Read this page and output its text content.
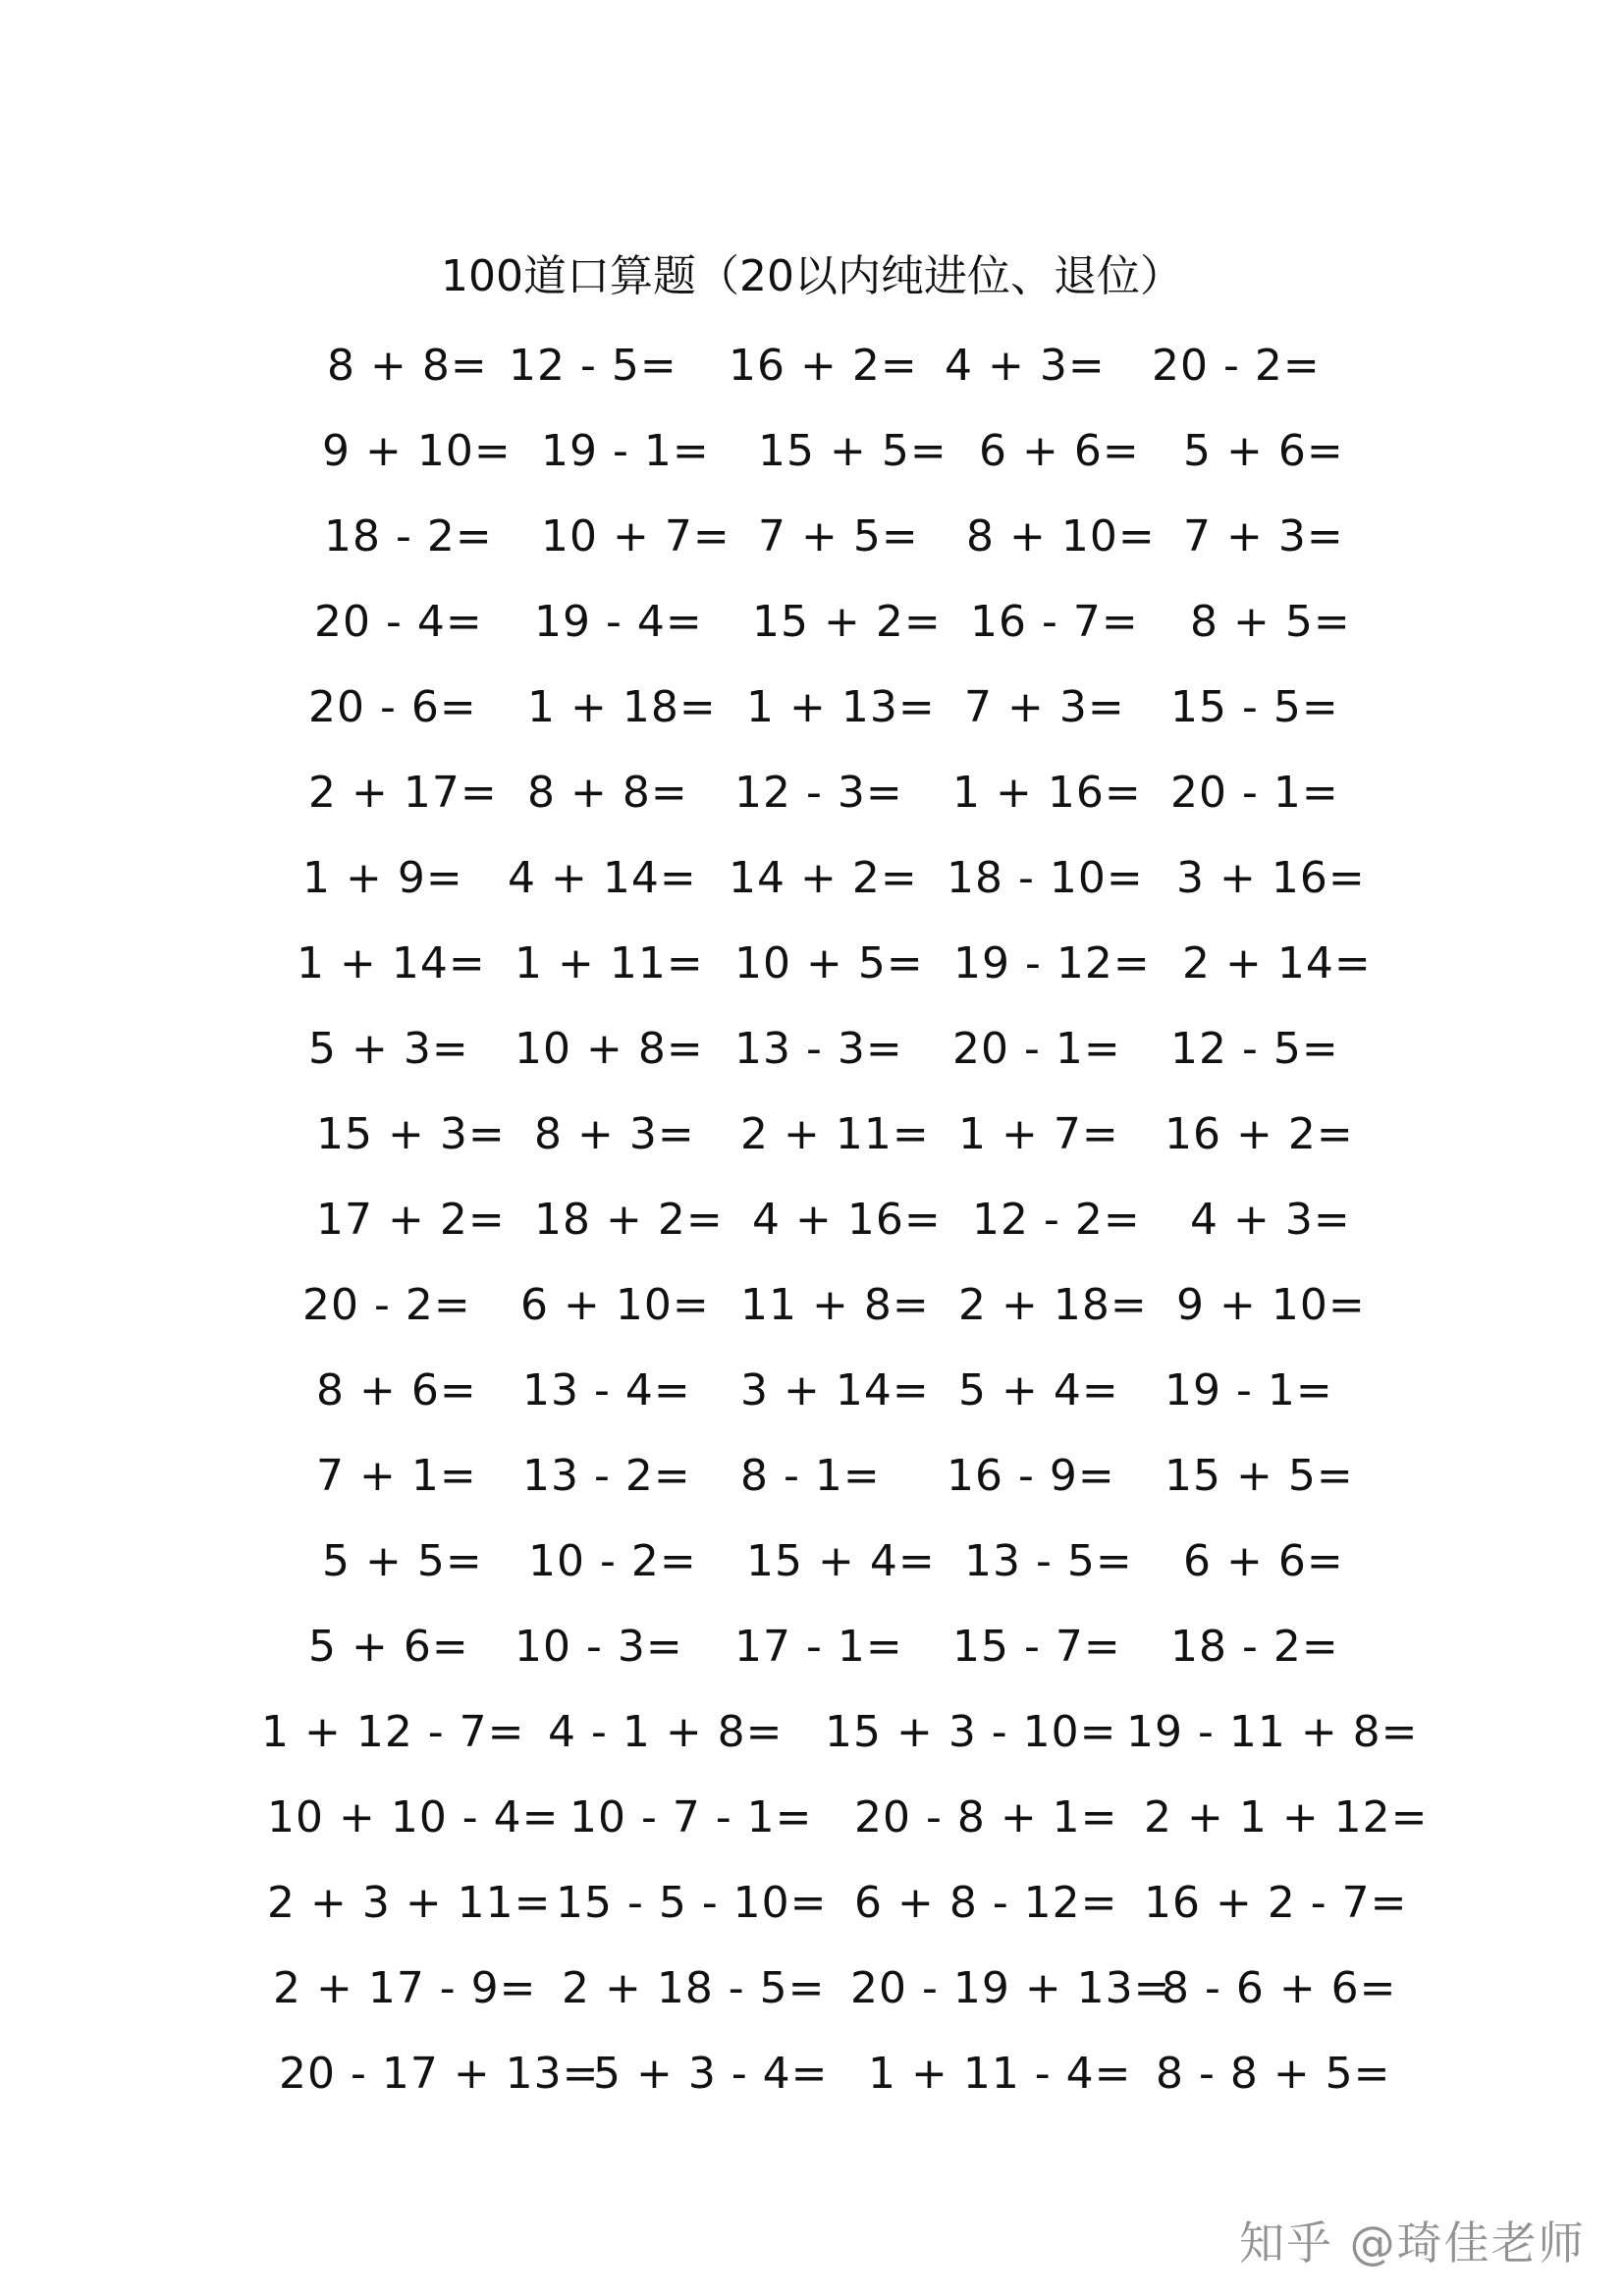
100道口算题（20以内纯进位、退位）
8 + 8= 12 - 5= 16 + 2= 4 + 3= 20 - 2=
9 + 10= 19 - 1= 15 + 5= 6 + 6= 5 + 6=
18 - 2= 10 + 7= 7 + 5= 8 + 10= 7 + 3=
20 - 4= 19 - 4= 15 + 2= 16 - 7= 8 + 5=
20 - 6= 1 + 18= 1 + 13= 7 + 3= 15 - 5=
2 + 17= 8 + 8= 12 - 3= 1 + 16= 20 - 1=
1 + 9= 4 + 14= 14 + 2= 18 - 10= 3 + 16=
1 + 14= 1 + 11= 10 + 5= 19 - 12= 2 + 14=
5 + 3= 10 + 8= 13 - 3= 20 - 1= 12 - 5=
15 + 3= 8 + 3= 2 + 11= 1 + 7= 16 + 2=
17 + 2= 18 + 2= 4 + 16= 12 - 2= 4 + 3=
20 - 2= 6 + 10= 11 + 8= 2 + 18= 9 + 10=
8 + 6= 13 - 4= 3 + 14= 5 + 4= 19 - 1=
7 + 1= 13 - 2= 8 - 1= 16 - 9= 15 + 5=
5 + 5= 10 - 2= 15 + 4= 13 - 5= 6 + 6=
5 + 6= 10 - 3= 17 - 1= 15 - 7= 18 - 2=
1 + 12 - 7= 4 - 1 + 8= 15 + 3 - 10= 19 - 11 + 8=
10 + 10 - 4= 10 - 7 - 1= 20 - 8 + 1= 2 + 1 + 12=
2 + 3 + 11= 15 - 5 - 10= 6 + 8 - 12= 16 + 2 - 7=
2 + 17 - 9= 2 + 18 - 5= 20 - 19 + 13=
8 - 6 + 6=
20 - 17 + 13=
5 + 3 - 4= 1 + 11 - 4= 8 - 8 + 5=
知乎 @琦佳老师
